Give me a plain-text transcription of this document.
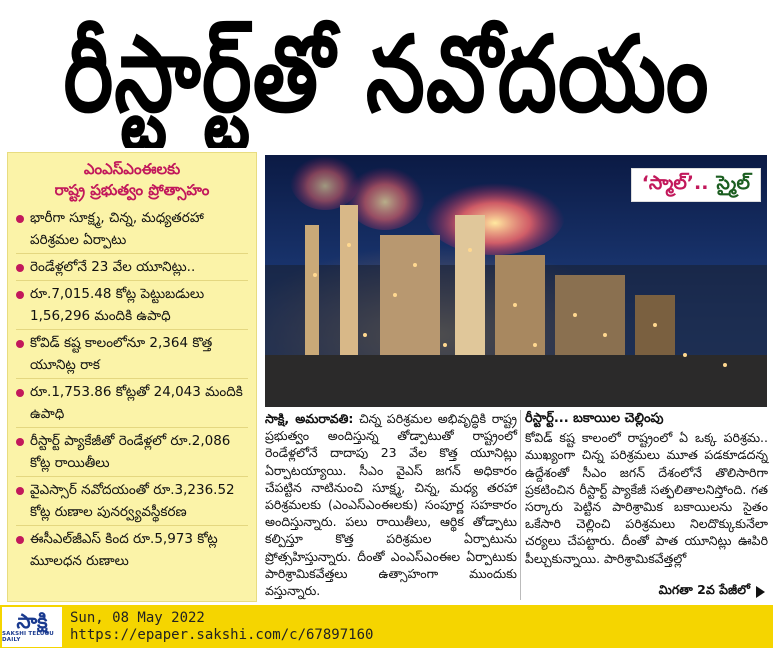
రీస్టార్ట్‌తో నవోదయం
ఎంఎస్‌ఎంఈలకు
రాష్ట్ర ప్రభుత్వం ప్రోత్సాహం
భారీగా సూక్ష్మ, చిన్న, మధ్యతరహా పరిశ్రమల ఏర్పాటు
రెండేళ్లలోనే 23 వేల యూనిట్లు..
రూ.7,015.48 కోట్ల పెట్టుబడులు 1,56,296 మందికి ఉపాధి
కోవిడ్‌ కష్ట కాలంలోనూ 2,364 కొత్త యూనిట్ల రాక
రూ.1,753.86 కోట్లతో 24,043 మందికి ఉపాధి
రీస్టార్ట్‌ ప్యాకేజీతో రెండేళ్లలో రూ.2,086 కోట్ల రాయితీలు
వైఎస్సార్‌ నవోదయంతో రూ.3,236.52 కోట్ల రుణాల పునర్వ్యవస్థీకరణ
ఈసీఎల్‌జీఎస్‌ కింద రూ.5,973 కోట్ల మూలధన రుణాలు
‘స్మాల్‌’.. స్మైల్‌
సాక్షి, అమరావతి: చిన్న పరిశ్రమల అభివృద్ధికి రాష్ట్ర ప్రభుత్వం అందిస్తున్న తోడ్పాటుతో రాష్ట్రంలో రెండేళ్లలోనే దాదాపు 23 వేల కొత్త యూనిట్లు ఏర్పాటయ్యాయి. సీఎం వైఎస్‌ జగన్‌ అధికారం చేపట్టిన నాటినుంచి సూక్ష్మ, చిన్న, మధ్య తరహా పరిశ్రమలకు (ఎంఎస్‌ఎంఈలకు) సంపూర్ణ సహకారం అందిస్తున్నారు. పలు రాయితీలు, ఆర్థిక తోడ్పాటు కల్పిస్తూ కొత్త పరిశ్రమల ఏర్పాటును ప్రోత్సహిస్తున్నారు. దీంతో ఎంఎస్‌ఎంఈల ఏర్పాటుకు పారిశ్రామికవేత్తలు ఉత్సాహంగా ముందుకు వస్తున్నారు.
రీస్టార్ట్‌... బకాయిల చెల్లింపు
కోవిడ్‌ కష్ట కాలంలో రాష్ట్రంలో ఏ ఒక్క పరిశ్రమ.. ముఖ్యంగా చిన్న పరిశ్రమలు మూత పడకూడదన్న ఉద్దేశంతో సీఎం జగన్‌ దేశంలోనే తొలిసారిగా ప్రకటించిన రీస్టార్ట్‌ ప్యాకేజీ సత్ఫలితాలనిస్తోంది. గత సర్కారు పెట్టిన పారిశ్రామిక బకాయిలను సైతం ఒకేసారి చెల్లించి పరిశ్రమలు నిలదొక్కుకునేలా చర్యలు చేపట్టారు. దీంతో పాత యూనిట్లు ఊపిరి పీల్చుకున్నాయి. పారిశ్రామికవేత్తల్లో
మిగతా 2వ పేజీలో
సాక్షి
SAKSHI TELUGU DAILY
Sun, 08 May 2022
https://epaper.sakshi.com/c/67897160
